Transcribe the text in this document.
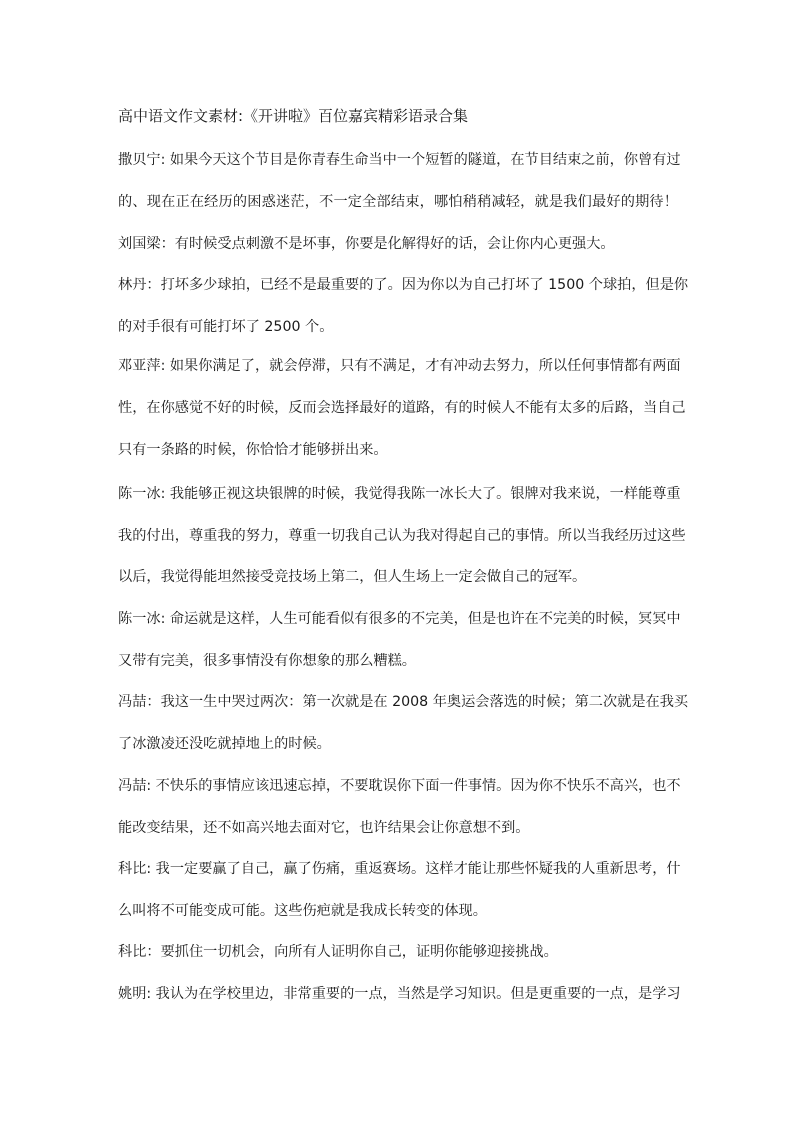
高中语文作文素材:《开讲啦》百位嘉宾精彩语录合集
撒贝宁: 如果今天这个节目是你青春生命当中一个短暂的隧道，在节目结束之前，你曾有过
的、现在正在经历的困惑迷茫，不一定全部结束，哪怕稍稍减轻，就是我们最好的期待！
刘国梁：有时候受点刺激不是坏事，你要是化解得好的话，会让你内心更强大。
林丹：打坏多少球拍，已经不是最重要的了。因为你以为自己打坏了 1500 个球拍，但是你
的对手很有可能打坏了 2500 个。
邓亚萍: 如果你满足了，就会停滞，只有不满足，才有冲动去努力，所以任何事情都有两面
性，在你感觉不好的时候，反而会选择最好的道路，有的时候人不能有太多的后路，当自己
只有一条路的时候，你恰恰才能够拼出来。
陈一冰: 我能够正视这块银牌的时候，我觉得我陈一冰长大了。银牌对我来说，一样能尊重
我的付出，尊重我的努力，尊重一切我自己认为我对得起自己的事情。所以当我经历过这些
以后，我觉得能坦然接受竞技场上第二，但人生场上一定会做自己的冠军。
陈一冰: 命运就是这样，人生可能看似有很多的不完美，但是也许在不完美的时候，冥冥中
又带有完美，很多事情没有你想象的那么糟糕。
冯喆：我这一生中哭过两次：第一次就是在 2008 年奥运会落选的时候；第二次就是在我买
了冰激凌还没吃就掉地上的时候。
冯喆: 不快乐的事情应该迅速忘掉，不要耽误你下面一件事情。因为你不快乐不高兴，也不
能改变结果，还不如高兴地去面对它，也许结果会让你意想不到。
科比: 我一定要赢了自己，赢了伤痛，重返赛场。这样才能让那些怀疑我的人重新思考，什
么叫将不可能变成可能。这些伤疤就是我成长转变的体现。
科比：要抓住一切机会，向所有人证明你自己，证明你能够迎接挑战。
姚明: 我认为在学校里边，非常重要的一点，当然是学习知识。但是更重要的一点，是学习
